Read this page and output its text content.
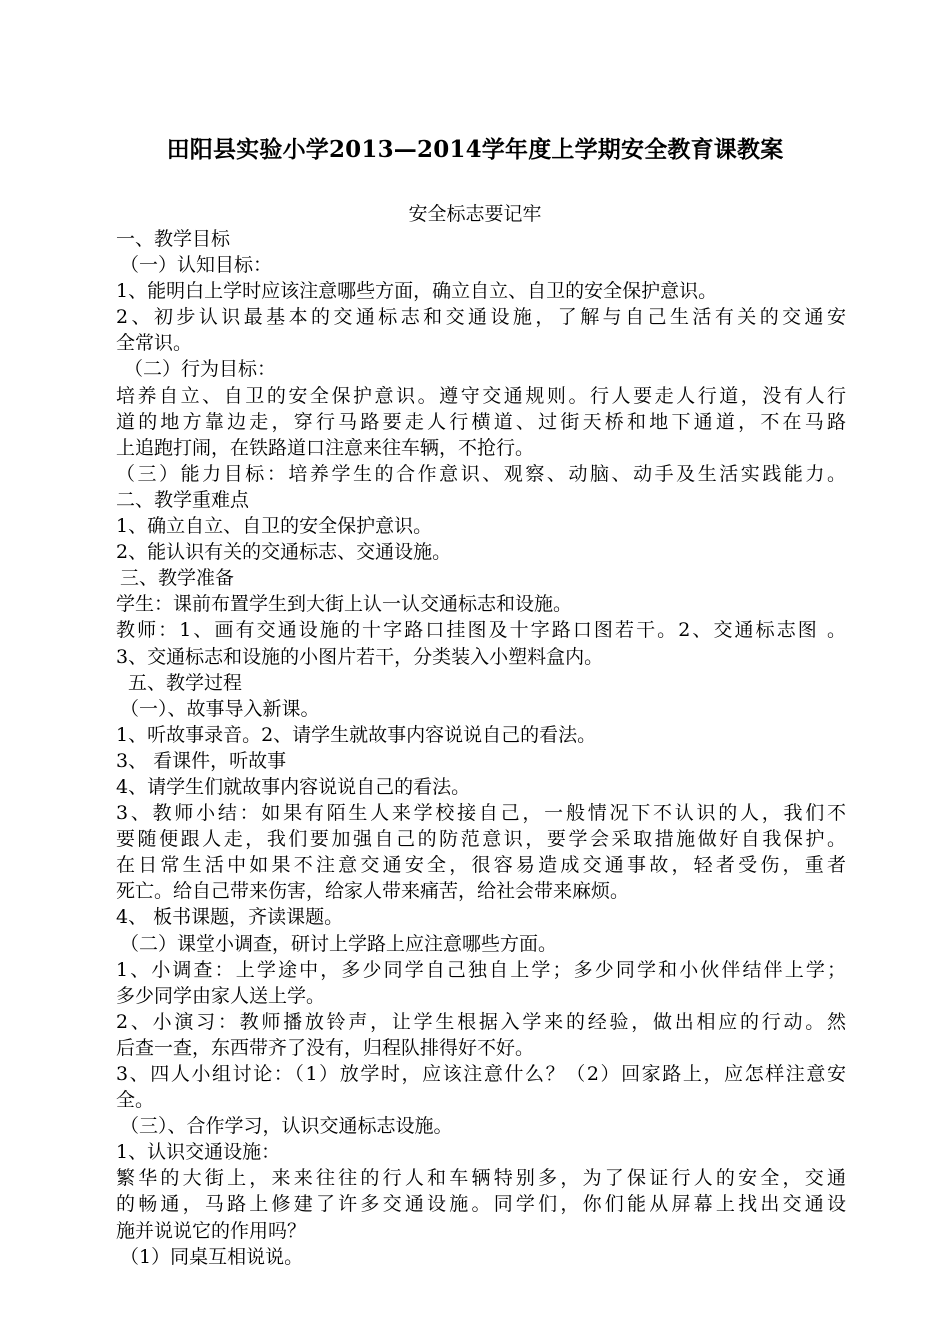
田阳县实验小学2013—2014学年度上学期安全教育课教案
安全标志要记牢
一、教学目标
（一）认知目标：
1、能明白上学时应该注意哪些方面，确立自立、自卫的安全保护意识。
2、初步认识最基本的交通标志和交通设施，了解与自己生活有关的交通安
全常识。
（二）行为目标：
培养自立、自卫的安全保护意识。遵守交通规则。行人要走人行道，没有人行
道的地方靠边走，穿行马路要走人行横道、过街天桥和地下通道，不在马路
上追跑打闹，在铁路道口注意来往车辆，不抢行。
（三）能力目标：培养学生的合作意识、观察、动脑、动手及生活实践能力。
二、教学重难点
1、确立自立、自卫的安全保护意识。
2、能认识有关的交通标志、交通设施。
三、教学准备
学生：课前布置学生到大街上认一认交通标志和设施。
教师：1、画有交通设施的十字路口挂图及十字路口图若干。2、交通标志图 。
3、交通标志和设施的小图片若干，分类装入小塑料盒内。
五、教学过程
（一）、故事导入新课。
1、听故事录音。2、请学生就故事内容说说自己的看法。
3、 看课件，听故事
4、请学生们就故事内容说说自己的看法。
3、教师小结：如果有陌生人来学校接自己，一般情况下不认识的人，我们不
要随便跟人走，我们要加强自己的防范意识，要学会采取措施做好自我保护。
在日常生活中如果不注意交通安全，很容易造成交通事故，轻者受伤，重者
死亡。给自己带来伤害，给家人带来痛苦，给社会带来麻烦。
4、 板书课题，齐读课题。
（二）课堂小调查，研讨上学路上应注意哪些方面。
1、小调查：上学途中，多少同学自己独自上学；多少同学和小伙伴结伴上学；
多少同学由家人送上学。
2、小演习：教师播放铃声，让学生根据入学来的经验，做出相应的行动。然
后查一查，东西带齐了没有，归程队排得好不好。
3、四人小组讨论：（1）放学时，应该注意什么？（2）回家路上，应怎样注意安
全。
（三）、合作学习，认识交通标志设施。
1、认识交通设施：
繁华的大街上，来来往往的行人和车辆特别多，为了保证行人的安全，交通
的畅通，马路上修建了许多交通设施。同学们，你们能从屏幕上找出交通设
施并说说它的作用吗？
（1）同桌互相说说。
